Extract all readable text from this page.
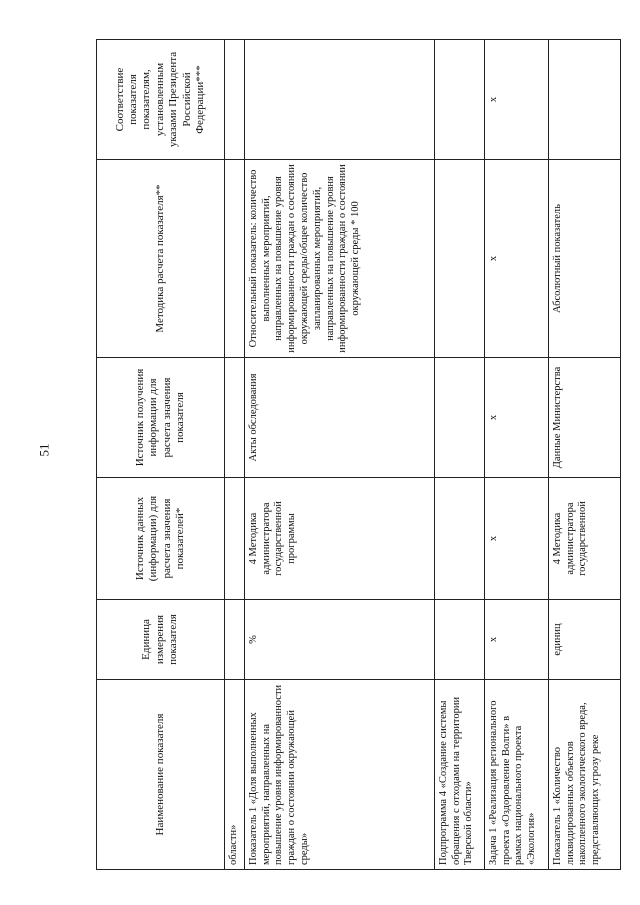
51
Наименование показателя	Единица измерения показателя	Источник данных (информации) для расчета значения показателей*	Источник получения информации для расчета значения показателя	Методика расчета показателя**	Соответствие показателя показателям, установленным указами Президента Российской Федерации***
областн»					
Показатель 1 «Доля выполненных мероприятий, направленных на повышение уровня информированности граждан о состоянии окружающей среды»	%	4 Методика администратора государственной программы	Акты обследования	Относительный показатель: количество выполненных мероприятий, направленных на повышение уровня информированности граждан о состоянии окружающей среды/общее количество запланированных мероприятий, направленных на повышение уровня информированности граждан о состоянии окружающей среды * 100	
Подпрограмма 4 «Создание системы обращения с отходами на территории Тверской области»					
Задача 1 «Реализация регионального проекта «Оздоровление Волги» в рамках национального проекта «Экология»	х	х	х	х	х
Показатель 1 «Количество ликвидированных объектов накопленного экологического вреда, представляющих угрозу реке	единиц	4 Методика администратора государственной	Данные Министерства	Абсолютный показатель	
